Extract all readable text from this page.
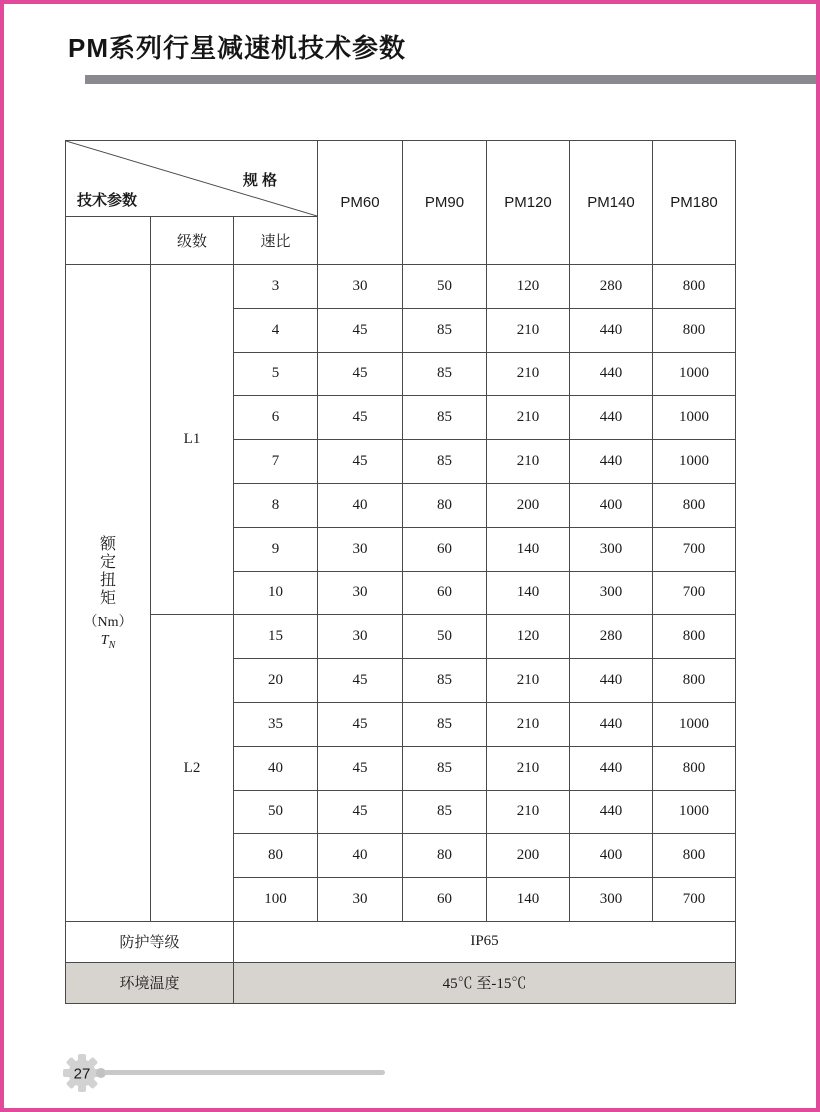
PM系列行星减速机技术参数
规 格
技术参数			PM60	PM90	PM120	PM140	PM180
	级数	速比					

额
定
扭
矩
（Nm）
$T_N$
	L1	3	30	50	120	280	800
		4	45	85	210	440	800
		5	45	85	210	440	1000
		6	45	85	210	440	1000
		7	45	85	210	440	1000
		8	40	80	200	400	800
		9	30	60	140	300	700
		10	30	60	140	300	700
	L2	15	30	50	120	280	800
		20	45	85	210	440	800
		35	45	85	210	440	1000
		40	45	85	210	440	800
		50	45	85	210	440	1000
		80	40	80	200	400	800
		100	30	60	140	300	700
防护等级		IP65					
环境温度		45℃ 至-15℃					
27
